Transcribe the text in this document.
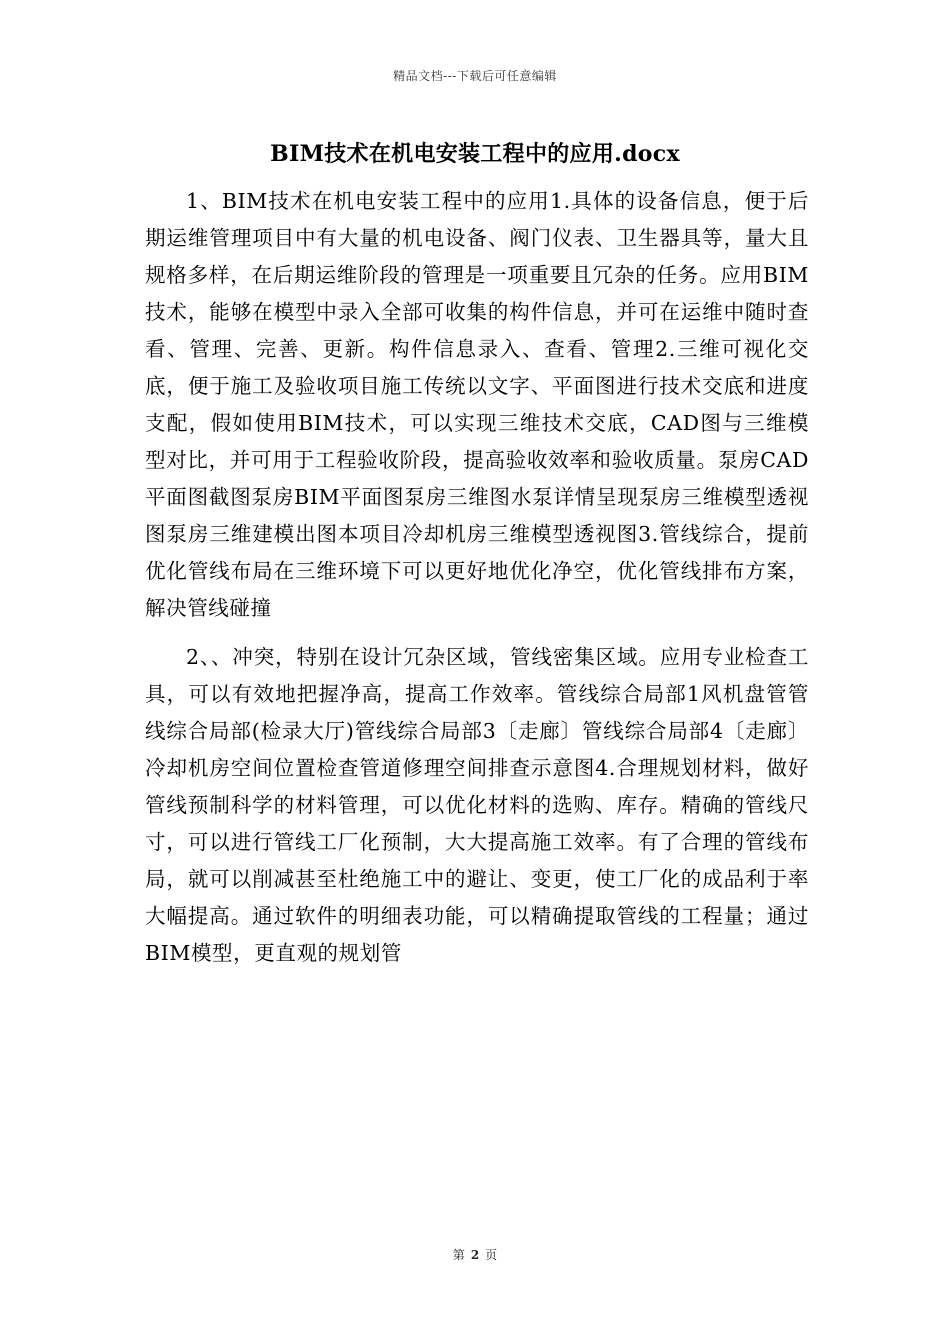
精品文档---下载后可任意编辑
BIM技术在机电安装工程中的应用.docx

1、BIM技术在机电安装工程中的应用1.具体的设备信息，便于后期运维管理项目中有大量的机电设备、阀门仪表、卫生器具等，量大且规格多样，在后期运维阶段的管理是一项重要且冗杂的任务。应用BIM技术，能够在模型中录入全部可收集的构件信息，并可在运维中随时查看、管理、完善、更新。构件信息录入、查看、管理2.三维可视化交底，便于施工及验收项目施工传统以文字、平面图进行技术交底和进度支配，假如使用BIM技术，可以实现三维技术交底，CAD图与三维模型对比，并可用于工程验收阶段，提高验收效率和验收质量。泵房CAD平面图截图泵房BIM平面图泵房三维图水泵详情呈现泵房三维模型透视图泵房三维建模出图本项目冷却机房三维模型透视图3.管线综合，提前优化管线布局在三维环境下可以更好地优化净空，优化管线排布方案，解决管线碰撞

2、、冲突，特别在设计冗杂区域，管线密集区域。应用专业检查工具，可以有效地把握净高，提高工作效率。管线综合局部1风机盘管管线综合局部(检录大厅)管线综合局部3〔走廊〕管线综合局部4〔走廊〕冷却机房空间位置检查管道修理空间排查示意图4.合理规划材料，做好管线预制科学的材料管理，可以优化材料的选购、库存。精确的管线尺寸，可以进行管线工厂化预制，大大提高施工效率。有了合理的管线布局，就可以削减甚至杜绝施工中的避让、变更，使工厂化的成品利于率大幅提高。通过软件的明细表功能，可以精确提取管线的工程量；通过BIM模型，更直观的规划管

第 2 页
